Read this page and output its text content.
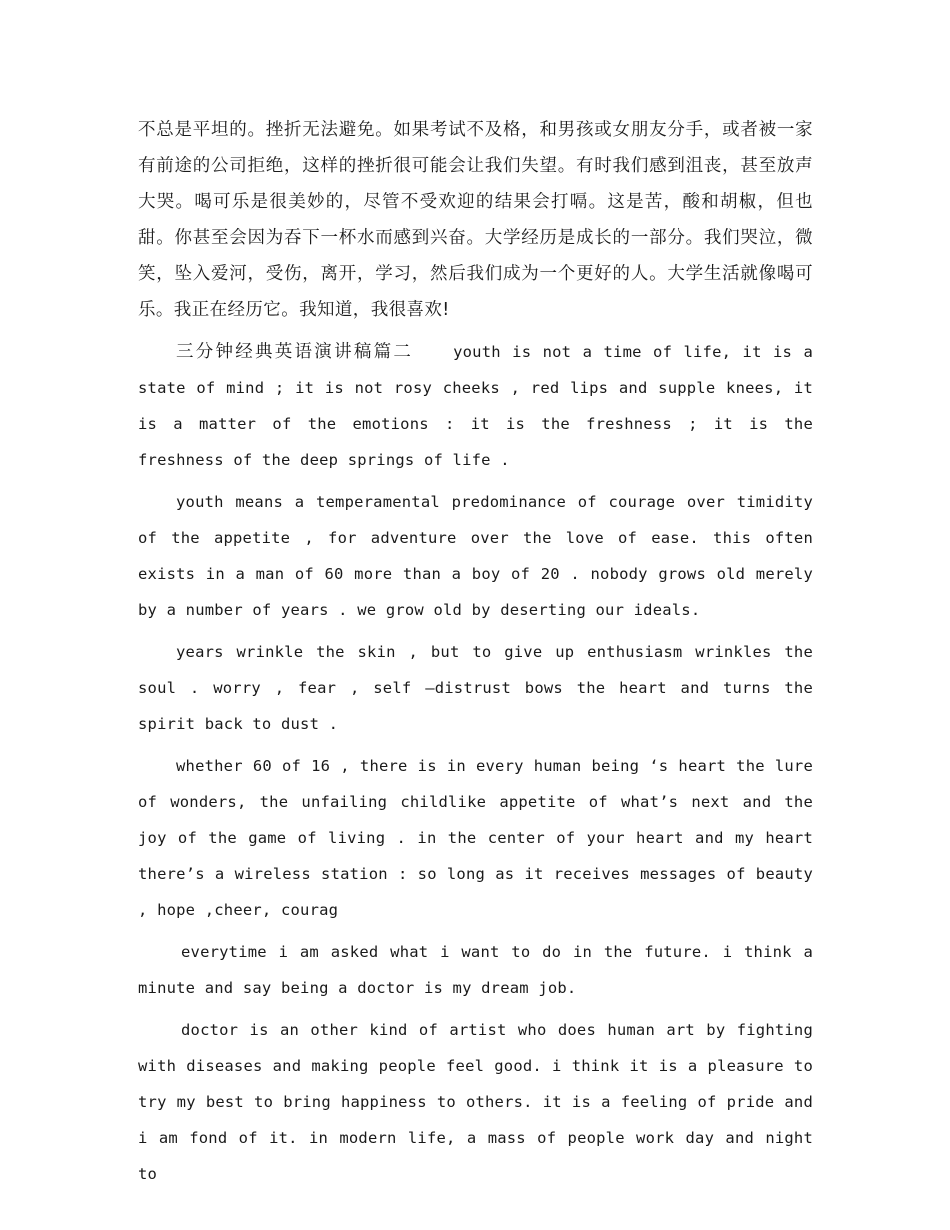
不总是平坦的。挫折无法避免。如果考试不及格，和男孩或女朋友分手，或者被一家有前途的公司拒绝，这样的挫折很可能会让我们失望。有时我们感到沮丧，甚至放声大哭。喝可乐是很美妙的，尽管不受欢迎的结果会打嗝。这是苦，酸和胡椒，但也甜。你甚至会因为吞下一杯水而感到兴奋。大学经历是成长的一部分。我们哭泣，微笑，坠入爱河，受伤，离开，学习，然后我们成为一个更好的人。大学生活就像喝可乐。我正在经历它。我知道，我很喜欢!

三分钟经典英语演讲稿篇二	youth is not a time of life, it is a state of mind ; it is not rosy cheeks , red lips and supple knees, it is a matter of the emotions : it is the freshness ; it is the freshness of the deep springs of life .

youth means a temperamental predominance of courage over timidity of the appetite , for adventure over the love of ease. this often exists in a man of 60 more than a boy of 20 . nobody grows old merely by a number of years . we grow old by deserting our ideals.

years wrinkle the skin , but to give up enthusiasm wrinkles the soul . worry , fear , self –distrust bows the heart and turns the spirit back to dust .

whether 60 of 16 , there is in every human being ‘s heart the lure of wonders, the unfailing childlike appetite of what’s next and the joy of the game of living . in the center of your heart and my heart there’s a wireless station : so long as it receives messages of beauty , hope ,cheer, courag

everytime i am asked what i want to do in the future. i think a minute and say being a doctor is my dream job.

doctor is an other kind of artist who does human art by fighting with diseases and making people feel good. i think it is a pleasure to try my best to bring happiness to others. it is a feeling of pride and i am fond of it. in modern life, a mass of people work day and night to
